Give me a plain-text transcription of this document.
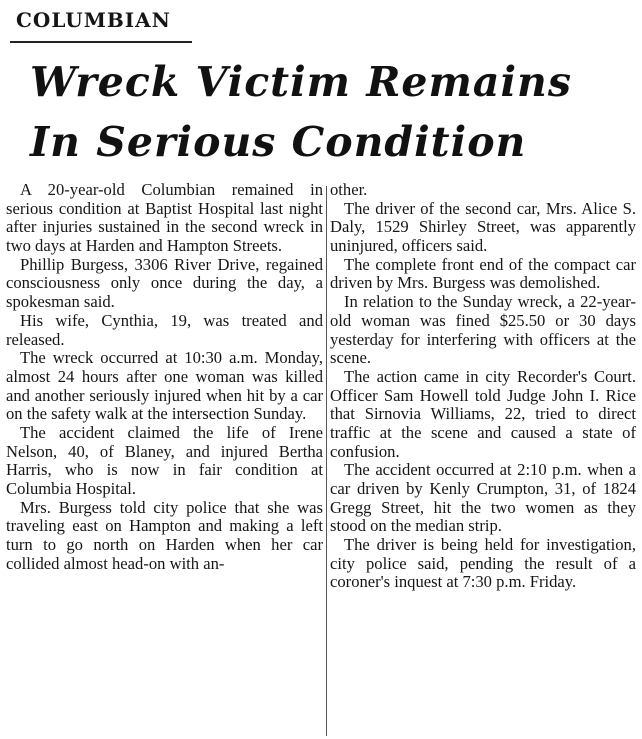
COLUMBIAN
Wreck Victim Remains
In Serious Condition

A 20-year-old Columbian remained in serious condition at Baptist Hospital last night after injuries sustained in the second wreck in two days at Harden and Hampton Streets.

Phillip Burgess, 3306 River Drive, regained consciousness only once during the day, a spokesman said.

His wife, Cynthia, 19, was treated and released.

The wreck occurred at 10:30 a.m. Monday, almost 24 hours after one woman was killed and another seriously injured when hit by a car on the safety walk at the intersection Sunday.

The accident claimed the life of Irene Nelson, 40, of Blaney, and injured Bertha Harris, who is now in fair condition at Columbia Hospital.

Mrs. Burgess told city police that she was traveling east on Hampton and making a left turn to go north on Harden when her car collided almost head-on with an-

other.

The driver of the second car, Mrs. Alice S. Daly, 1529 Shirley Street, was apparently uninjured, officers said.

The complete front end of the compact car driven by Mrs. Burgess was demolished.

In relation to the Sunday wreck, a 22-year-old woman was fined $25.50 or 30 days yesterday for interfering with officers at the scene.

The action came in city Recorder's Court. Officer Sam Howell told Judge John I. Rice that Sirnovia Williams, 22, tried to direct traffic at the scene and caused a state of confusion.

The accident occurred at 2:10 p.m. when a car driven by Kenly Crumpton, 31, of 1824 Gregg Street, hit the two women as they stood on the median strip.

The driver is being held for investigation, city police said, pending the result of a coroner's inquest at 7:30 p.m. Friday.
